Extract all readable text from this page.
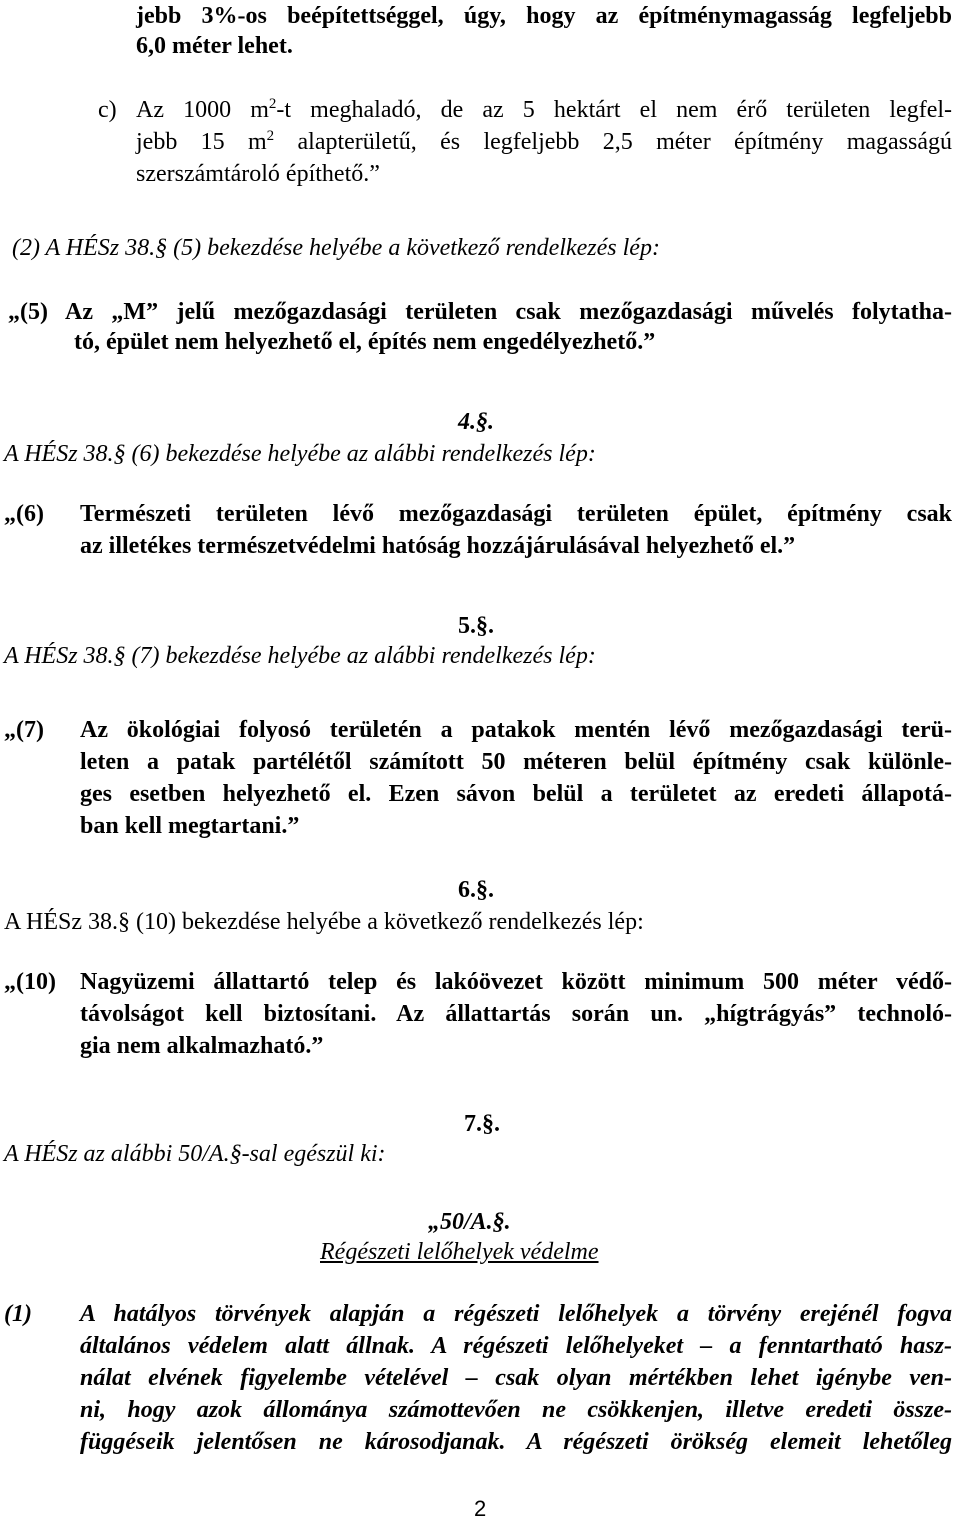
jebb 3%-os beépítettséggel, úgy, hogy az építménymagasság legfeljebb
6,0 méter lehet.
c) Az 1000 $m^2-t$ meghaladó, de az 5 hektárt el nem érő területen legfel-
jebb 15 $m^2$ alapterületű, és legfeljebb 2,5 méter építmény magasságú
szerszámtároló építhető.”
(2) A HÉSz 38.§ (5) bekezdése helyébe a következő rendelkezés lép:
„(5) Az „M” jelű mezőgazdasági területen csak mezőgazdasági művelés folytatha-
tó, épület nem helyezhető el, építés nem engedélyezhető.”
4.§.
A HÉSz 38.§ (6) bekezdése helyébe az alábbi rendelkezés lép:
„(6) Természeti területen lévő mezőgazdasági területen épület, építmény csak
az illetékes természetvédelmi hatóság hozzájárulásával helyezhető el.”
5.§.
A HÉSz 38.§ (7) bekezdése helyébe az alábbi rendelkezés lép:
„(7) Az ökológiai folyosó területén a patakok mentén lévő mezőgazdasági terü-
leten a patak partélétől számított 50 méteren belül építmény csak különle-
ges esetben helyezhető el. Ezen sávon belül a területet az eredeti állapotá-
ban kell megtartani.”
6.§.
A HÉSz 38.§ (10) bekezdése helyébe a következő rendelkezés lép:
„(10) Nagyüzemi állattartó telep és lakóövezet között minimum 500 méter védő-
távolságot kell biztosítani. Az állattartás során un. „hígtrágyás” technoló-
gia nem alkalmazható.”
7.§.
A HÉSz az alábbi 50/A.§-sal egészül ki:
„50/A.§.
Régészeti lelőhelyek védelme
(1) A hatályos törvények alapján a régészeti lelőhelyek a törvény erejénél fogva
általános védelem alatt állnak. A régészeti lelőhelyeket – a fenntartható hasz-
nálat elvének figyelembe vételével – csak olyan mértékben lehet igénybe ven-
ni, hogy azok állománya számottevően ne csökkenjen, illetve eredeti össze-
függéseik jelentősen ne károsodjanak. A régészeti örökség elemeit lehetőleg
2
